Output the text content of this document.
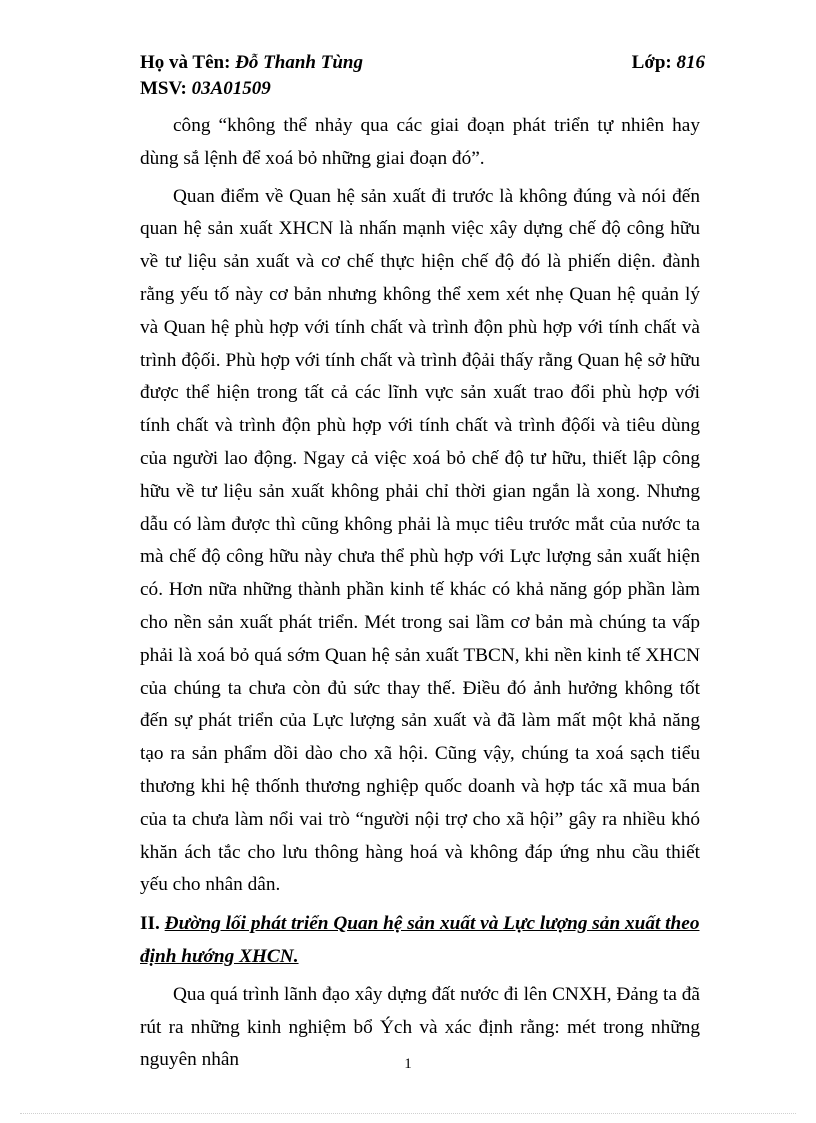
Họ và Tên: Đỗ Thanh Tùng	Lớp: 816
MSV: 03A01509

công “không thể nhảy qua các giai đoạn phát triển tự nhiên hay dùng sắ lệnh để xoá bỏ những giai đoạn đó”.

Quan điểm về Quan hệ sản xuất đi trước là không đúng và nói đến quan hệ sản xuất XHCN là nhấn mạnh việc xây dựng chế độ công hữu về tư liệu sản xuất và cơ chế thực hiện chế độ đó là phiến diện. đành rằng yếu tố này cơ bản nhưng không thể xem xét nhẹ Quan hệ quản lý và Quan hệ phù hợp với tính chất và trình độn phù hợp với tính chất và trình độối. Phù hợp với tính chất và trình độải thấy rằng Quan hệ sở hữu được thể hiện trong tất cả các lĩnh vực sản xuất trao đổi phù hợp với tính chất và trình độn phù hợp với tính chất và trình độối và tiêu dùng của người lao động. Ngay cả việc xoá bỏ chế độ tư hữu, thiết lập công hữu về tư liệu sản xuất không phải chỉ thời gian ngắn là xong. Nhưng dẫu có làm được thì cũng không phải là mục tiêu trước mắt của nước ta mà chế độ công hữu này chưa thể phù hợp với Lực lượng sản xuất hiện có. Hơn nữa những thành phần kinh tế khác có khả năng góp phần làm cho nền sản xuất phát triển. Mét trong sai lầm cơ bản mà chúng ta vấp phải là xoá bỏ quá sớm Quan hệ sản xuất TBCN, khi nền kinh tế XHCN của chúng ta chưa còn đủ sức thay thế. Điều đó ảnh hưởng không tốt đến sự phát triển của Lực lượng sản xuất và đã làm mất một khả năng tạo ra sản phẩm dồi dào cho xã hội. Cũng vậy, chúng ta xoá sạch tiểu thương khi hệ thốnh thương nghiệp quốc doanh và hợp tác xã mua bán của ta chưa làm nổi vai trò “người nội trợ cho xã hội” gây ra nhiều khó khăn ách tắc cho lưu thông hàng hoá và không đáp ứng nhu cầu thiết yếu cho nhân dân.

II. Đường lối phát triển Quan hệ sản xuất và Lực lượng sản xuất theo định hướng XHCN.

Qua quá trình lãnh đạo xây dựng đất nước đi lên CNXH, Đảng ta đã rút ra những kinh nghiệm bổ Ých và xác định rằng: mét trong những nguyên nhân	1
